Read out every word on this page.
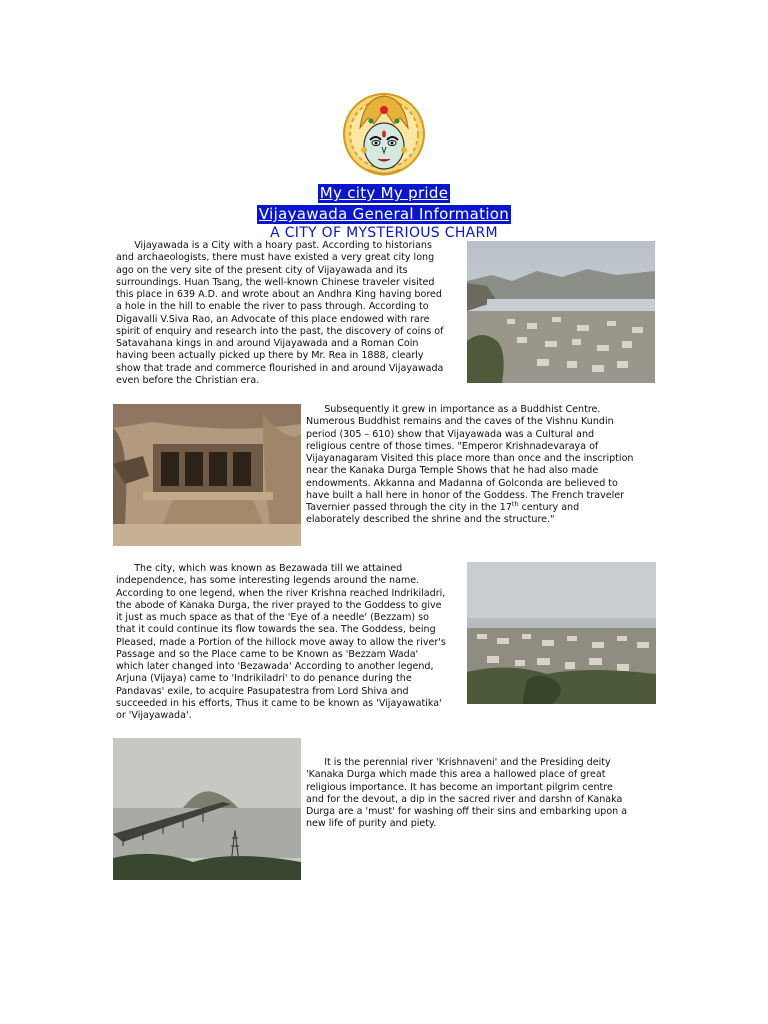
My city My pride
Vijayawada General Information
A CITY OF MYSTERIOUS CHARM
Vijayawada is a City with a hoary past. According to historians
and archaeologists, there must have existed a very great city long
ago on the very site of the present city of Vijayawada and its
surroundings. Huan Tsang, the well-known Chinese traveler visited
this place in 639 A.D. and wrote about an Andhra King having bored
a hole in the hill to enable the river to pass through. According to
Digavalli V.Siva Rao, an Advocate of this place endowed with rare
spirit of enquiry and research into the past, the discovery of coins of
Satavahana kings in and around Vijayawada and a Roman Coin
having been actually picked up there by Mr. Rea in 1888, clearly
show that trade and commerce flourished in and around Vijayawada
even before the Christian era.
Subsequently it grew in importance as a Buddhist Centre.
Numerous Buddhist remains and the caves of the Vishnu Kundin
period (305 – 610) show that Vijayawada was a Cultural and
religious centre of those times. "Emperor Krishnadevaraya of
Vijayanagaram Visited this place more than once and the inscription
near the Kanaka Durga Temple Shows that he had also made
endowments. Akkanna and Madanna of Golconda are believed to
have built a hall here in honor of the Goddess. The French traveler
Tavernier passed through the city in the 17th century and
elaborately described the shrine and the structure."
The city, which was known as Bezawada till we attained
independence, has some interesting legends around the name.
According to one legend, when the river Krishna reached Indrikiladri,
the abode of Kanaka Durga, the river prayed to the Goddess to give
it just as much space as that of the 'Eye of a needle' (Bezzam) so
that it could continue its flow towards the sea. The Goddess, being
Pleased, made a Portion of the hillock move away to allow the river's
Passage and so the Place came to be Known as 'Bezzam Wada'
which later changed into 'Bezawada' According to another legend,
Arjuna (Vijaya) came to 'Indrikiladri' to do penance during the
Pandavas' exile, to acquire Pasupatestra from Lord Shiva and
succeeded in his efforts, Thus it came to be known as 'Vijayawatika'
or 'Vijayawada'.
It is the perennial river 'Krishnaveni' and the Presiding deity
'Kanaka Durga which made this area a hallowed place of great
religious importance. It has become an important pilgrim centre
and for the devout, a dip in the sacred river and darshn of Kanaka
Durga are a 'must' for washing off their sins and embarking upon a
new life of purity and piety.
